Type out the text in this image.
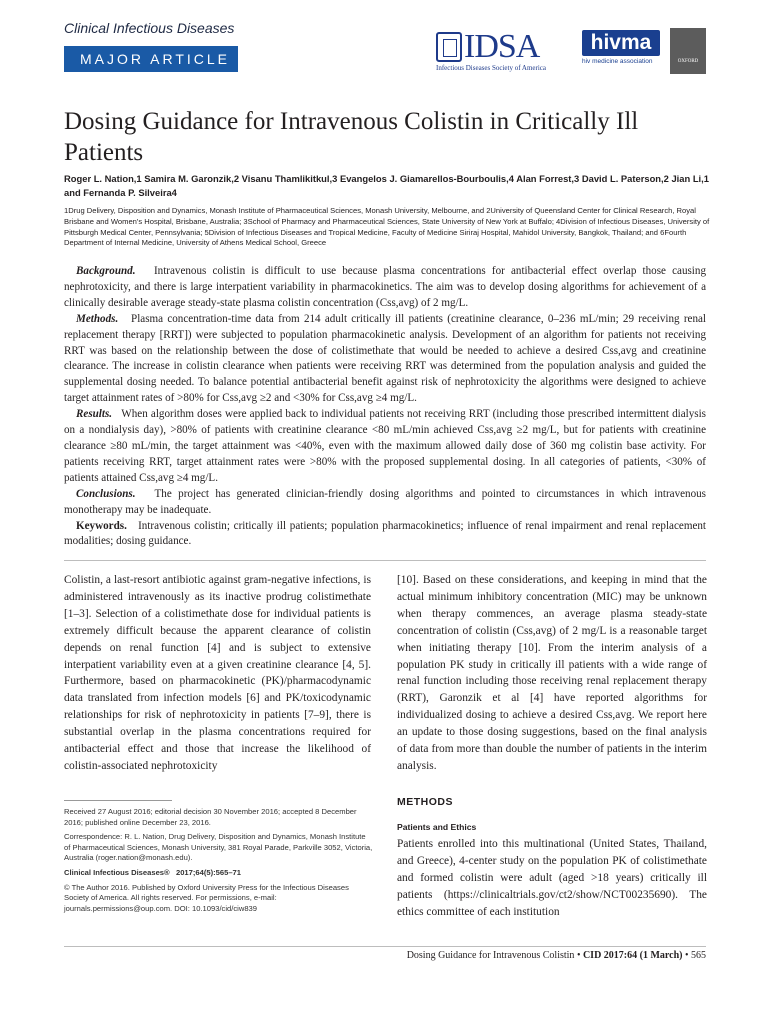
Clinical Infectious Diseases
MAJOR ARTICLE	IDSA
Infectious Diseases Society of America
hivma
hiv medicine association	OXFORD
Dosing Guidance for Intravenous Colistin in Critically Ill Patients
Roger L. Nation,1 Samira M. Garonzik,2 Visanu Thamlikitkul,3 Evangelos J. Giamarellos-Bourboulis,4 Alan Forrest,3 David L. Paterson,2 Jian Li,1 and Fernanda P. Silveira4
1Drug Delivery, Disposition and Dynamics, Monash Institute of Pharmaceutical Sciences, Monash University, Melbourne, and 2University of Queensland Center for Clinical Research, Royal Brisbane and Women's Hospital, Brisbane, Australia; 3School of Pharmacy and Pharmaceutical Sciences, State University of New York at Buffalo; 4Division of Infectious Diseases, University of Pittsburgh Medical Center, Pennsylvania; 5Division of Infectious Diseases and Tropical Medicine, Faculty of Medicine Siriraj Hospital, Mahidol University, Bangkok, Thailand; and 6Fourth Department of Internal Medicine, University of Athens Medical School, Greece

Background. Intravenous colistin is difficult to use because plasma concentrations for antibacterial effect overlap those causing nephrotoxicity, and there is large interpatient variability in pharmacokinetics. The aim was to develop dosing algorithms for achievement of a clinically desirable average steady-state plasma colistin concentration (Css,avg) of 2 mg/L.

Methods. Plasma concentration-time data from 214 adult critically ill patients (creatinine clearance, 0–236 mL/min; 29 receiving renal replacement therapy [RRT]) were subjected to population pharmacokinetic analysis. Development of an algorithm for patients not receiving RRT was based on the relationship between the dose of colistimethate that would be needed to achieve a desired Css,avg and creatinine clearance. The increase in colistin clearance when patients were receiving RRT was determined from the population analysis and guided the supplemental dosing needed. To balance potential antibacterial benefit against risk of nephrotoxicity the algorithms were designed to achieve target attainment rates of >80% for Css,avg ≥2 and <30% for Css,avg ≥4 mg/L.

Results. When algorithm doses were applied back to individual patients not receiving RRT (including those prescribed intermittent dialysis on a nondialysis day), >80% of patients with creatinine clearance <80 mL/min achieved Css,avg ≥2 mg/L, but for patients with creatinine clearance ≥80 mL/min, the target attainment was <40%, even with the maximum allowed daily dose of 360 mg colistin base activity. For patients receiving RRT, target attainment rates were >80% with the proposed supplemental dosing. In all categories of patients, <30% of patients attained Css,avg ≥4 mg/L.

Conclusions. The project has generated clinician-friendly dosing algorithms and pointed to circumstances in which intravenous monotherapy may be inadequate.

Keywords. Intravenous colistin; critically ill patients; population pharmacokinetics; influence of renal impairment and renal replacement modalities; dosing guidance.

Colistin, a last-resort antibiotic against gram-negative infections, is administered intravenously as its inactive prodrug colistimethate [1–3]. Selection of a colistimethate dose for individual patients is extremely difficult because the apparent clearance of colistin depends on renal function [4] and is subject to extensive interpatient variability even at a given creatinine clearance [4, 5]. Furthermore, based on pharmacokinetic (PK)/pharmacodynamic data translated from infection models [6] and PK/toxicodynamic relationships for risk of nephrotoxicity in patients [7–9], there is substantial overlap in the plasma concentrations required for antibacterial effect and those that increase the likelihood of colistin-associated nephrotoxicity
[10]. Based on these considerations, and keeping in mind that the actual minimum inhibitory concentration (MIC) may be unknown when therapy commences, an average plasma steady-state concentration of colistin (Css,avg) of 2 mg/L is a reasonable target when initiating therapy [10]. From the interim analysis of a population PK study in critically ill patients with a wide range of renal function including those receiving renal replacement therapy (RRT), Garonzik et al [4] have reported algorithms for individualized dosing to achieve a desired Css,avg. We report here an update to those dosing suggestions, based on the final analysis of data from more than double the number of patients in the interim analysis.
METHODS
Patients and Ethics
Patients enrolled into this multinational (United States, Thailand, and Greece), 4-center study on the population PK of colistimethate and formed colistin were adult (aged >18 years) critically ill patients (https://clinicaltrials.gov/ct2/show/NCT00235690). The ethics committee of each institution

Received 27 August 2016; editorial decision 30 November 2016; accepted 8 December 2016; published online December 23, 2016.

Correspondence: R. L. Nation, Drug Delivery, Disposition and Dynamics, Monash Institute of Pharmaceutical Sciences, Monash University, 381 Royal Parade, Parkville 3052, Victoria, Australia (roger.nation@monash.edu).

Clinical Infectious Diseases® 2017;64(5):565–71

© The Author 2016. Published by Oxford University Press for the Infectious Diseases Society of America. All rights reserved. For permissions, e-mail: journals.permissions@oup.com. DOI: 10.1093/cid/ciw839

Dosing Guidance for Intravenous Colistin • CID 2017:64 (1 March) • 565
